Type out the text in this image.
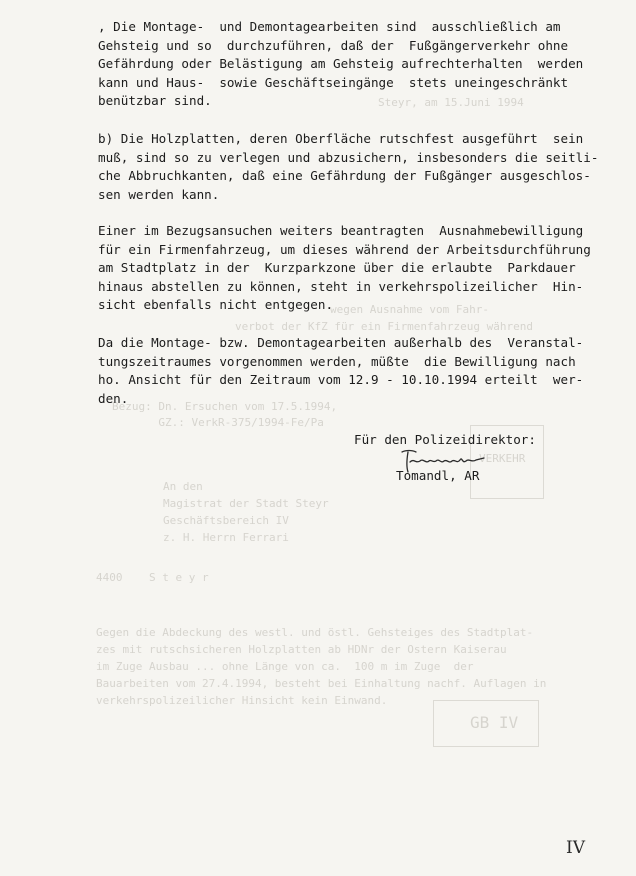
Steyr, am 15.Juni 1994
wegen Ausnahme vom Fahr-
verbot der KfZ für ein Firmenfahrzeug während
Bezug: Dn. Ersuchen vom 17.5.1994,
GZ.: VerkR-375/1994-Fe/Pa
An den
Magistrat der Stadt Steyr
Geschäftsbereich IV
z. H. Herrn Ferrari
4400    S t e y r
Gegen die Abdeckung des westl. und östl. Gehsteiges des Stadtplat-
zes mit rutschsicheren Holzplatten ab HDNr der Ostern Kaiserau
im Zuge Ausbau ... ohne Länge von ca.  100 m im Zuge  der
Bauarbeiten vom 27.4.1994, besteht bei Einhaltung nachf. Auflagen in
verkehrspolizeilicher Hinsicht kein Einwand.
VERKEHR
GB IV
, Die Montage-  und Demontagearbeiten sind  ausschließlich am
Gehsteig und so  durchzuführen, daß der  Fußgängerverkehr ohne
Gefährdung oder Belästigung am Gehsteig aufrechterhalten  werden
kann und Haus-  sowie Geschäftseingänge  stets uneingeschränkt
benützbar sind.
b) Die Holzplatten, deren Oberfläche rutschfest ausgeführt  sein
muß, sind so zu verlegen und abzusichern, insbesonders die seitli-
che Abbruchkanten, daß eine Gefährdung der Fußgänger ausgeschlos-
sen werden kann.
Einer im Bezugsansuchen weiters beantragten  Ausnahmebewilligung
für ein Firmenfahrzeug, um dieses während der Arbeitsdurchführung
am Stadtplatz in der  Kurzparkzone über die erlaubte  Parkdauer
hinaus abstellen zu können, steht in verkehrspolizeilicher  Hin-
sicht ebenfalls nicht entgegen.
Da die Montage- bzw. Demontagearbeiten außerhalb des  Veranstal-
tungszeitraumes vorgenommen werden, müßte  die Bewilligung nach
ho. Ansicht für den Zeitraum vom 12.9 - 10.10.1994 erteilt  wer-
den.
Für den Polizeidirektor:
Tomandl, AR
IV
